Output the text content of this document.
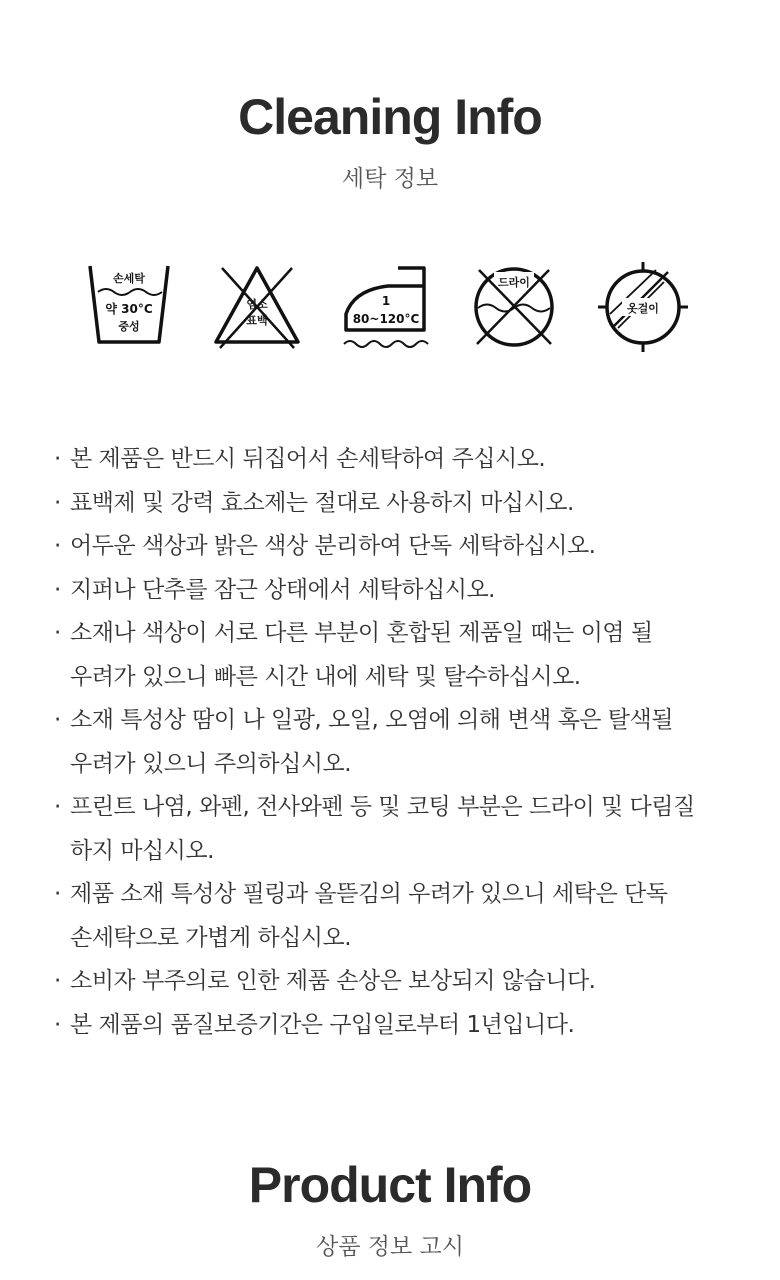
Cleaning Info

세탁 정보

손세탁
약 30°C
중성
염소
표백
1
80~120°C
드라이
옷걸이
· 본 제품은 반드시 뒤집어서 손세탁하여 주십시오.
· 표백제 및 강력 효소제는 절대로 사용하지 마십시오.
· 어두운 색상과 밝은 색상 분리하여 단독 세탁하십시오.
· 지퍼나 단추를 잠근 상태에서 세탁하십시오.
· 소재나 색상이 서로 다른 부분이 혼합된 제품일 때는 이염 될
우려가 있으니 빠른 시간 내에 세탁 및 탈수하십시오.
· 소재 특성상 땀이 나 일광, 오일, 오염에 의해 변색 혹은 탈색될
우려가 있으니 주의하십시오.
· 프린트 나염, 와펜, 전사와펜 등 및 코팅 부분은 드라이 및 다림질
하지 마십시오.
· 제품 소재 특성상 필링과 올뜯김의 우려가 있으니 세탁은 단독
손세탁으로 가볍게 하십시오.
· 소비자 부주의로 인한 제품 손상은 보상되지 않습니다.
· 본 제품의 품질보증기간은 구입일로부터 1년입니다.
Product Info

상품 정보 고시
